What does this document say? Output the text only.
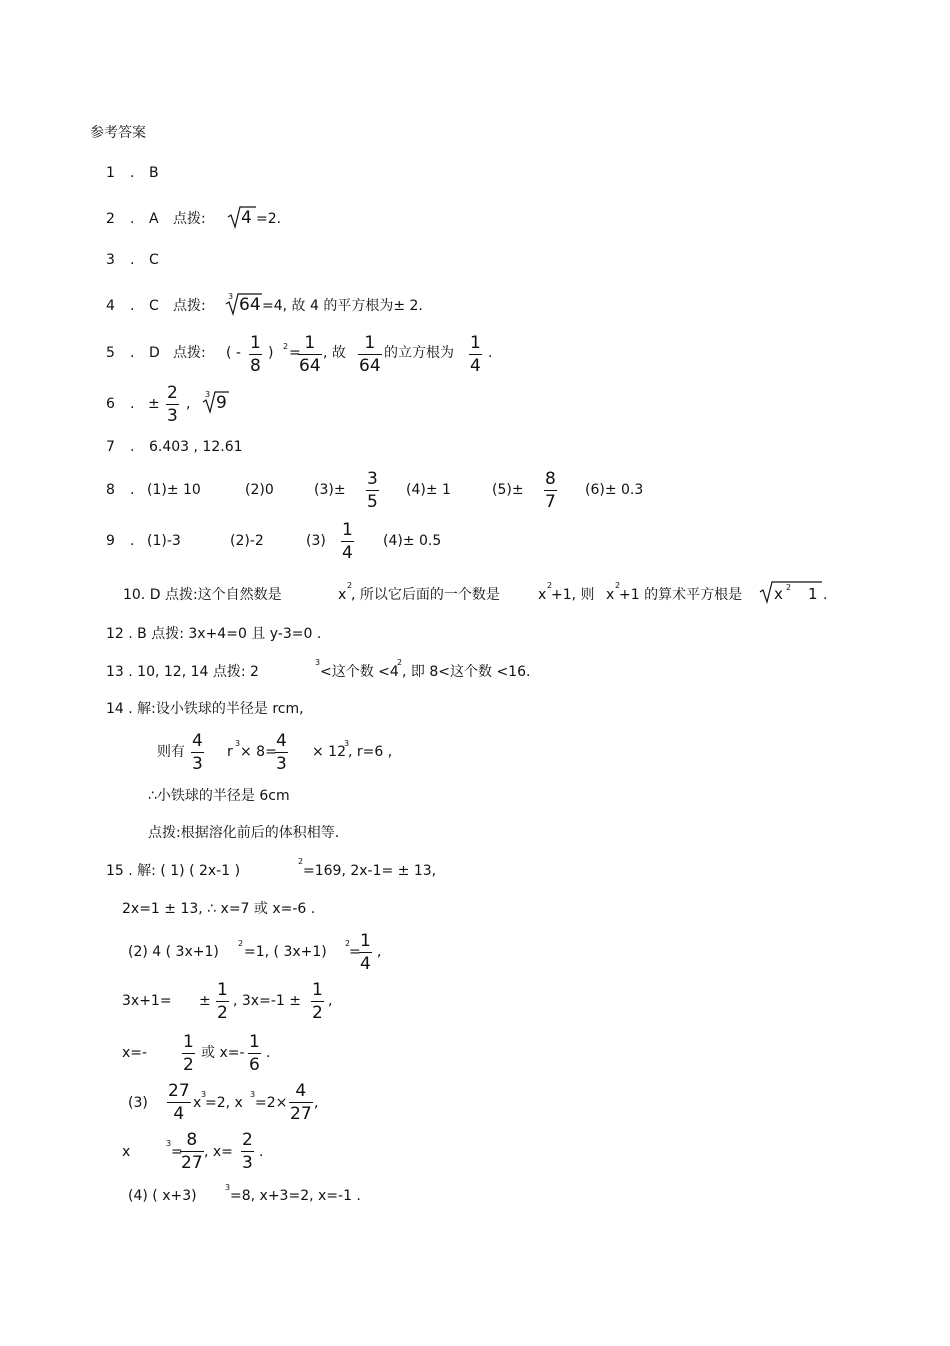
参考答案
1 . B
2 . A 点拨: 4 =2.
3 . C
4 . C 点拨:
3 64 =4, 故 4 的平方根为± 2.
5 . D 点拨: ( - 1
8
) 2 = 1
64
, 故 1
64
的立方根为 1
4
.
6 . ±
2
3
,
3 9
7 . 6.403 , 12.61
8 . (1)± 10	(2)0	(3)±
3
5
(4)± 1	(5)±
8
7
(6)± 0.3
9 . (1)-3	(2)-2	(3)
1
4
(4)± 0.5
10. D 点拨:这个自然数是	x
2
, 所以它后面的一个数是	x
2
+1, 则 x
2
+1 的算术平方根是 x 2 1 .
12 . B 点拨: 3x+4=0 且 y-3=0 .
13 . 10, 12, 14 点拨: 2
3
<这个数 <4
2
, 即 8<这个数 <16.
14 . 解:设小铁球的半径是 rcm,
则有
4
3
r
3
× 8=
4
3
× 12
3
, r=6 ,
∴小铁球的半径是 6cm
点拨:根据溶化前后的体积相等.
15 . 解: ( 1) ( 2x-1 )
2
=169, 2x-1= ± 13,
2x=1 ± 13, ∴ x=7 或 x=-6 .
(2) 4 ( 3x+1)
2
=1, ( 3x+1)
2
=
1
4
,
3x+1= ±
1
2
, 3x=-1 ±
1
2
,
x=-
1
2
或 x=-
1
6
.
(3)
27
4
x
3
=2, x
3
=2×
4
27
,
x
3
=
8
27
, x=
2
3
.
(4) ( x+3)
3
=8, x+3=2, x=-1 .
